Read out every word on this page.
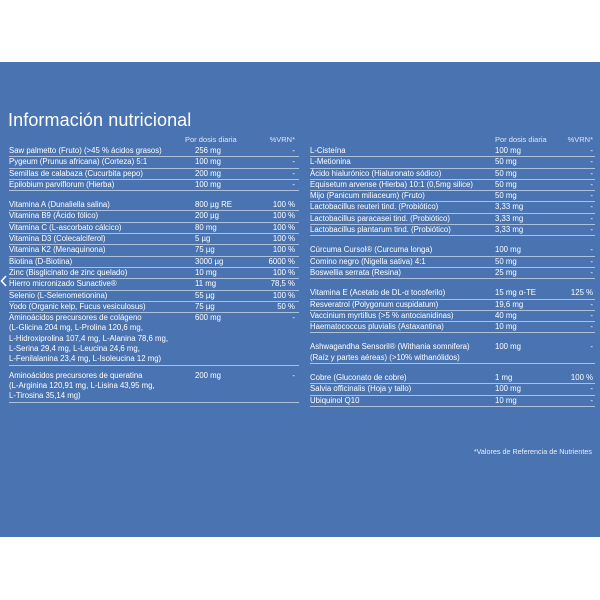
Información nutricional
Por dosis diaria	%VRN*
Saw palmetto (Fruto) (>45 % ácidos grasos)	256 mg	-
Pygeum (Prunus africana) (Corteza) 5:1	100 mg	-
Semillas de calabaza (Cucurbita pepo)	200 mg	-
Epilobium parviflorum (Hierba)	100 mg	-
Vitamina A (Dunaliella salina)	800 µg RE	100 %
Vitamina B9 (Ácido fólico)	200 µg	100 %
Vitamina C (L-ascorbato cálcico)	80 mg	100 %
Vitamina D3 (Colecalciferol)	5 µg	100 %
Vitamina K2 (Menaquinona)	75 µg	100 %
Biotina (D-Biotina)	3000 µg	6000 %
Zinc (Bisglicinato de zinc quelado)	10 mg	100 %
Hierro micronizado Sunactive®	11 mg	78,5 %
Selenio (L-Selenometionina)	55 µg	100 %
Yodo (Organic kelp, Fucus vesiculosus)	75 µg	50 %
Aminoácidos precursores de colágeno
(L-Glicina 204 mg, L-Prolina 120,6 mg,
L-Hidroxiprolina 107,4 mg, L-Alanina 78,6 mg,
L-Serina 29,4 mg, L-Leucina 24,6 mg,
L-Fenilalanina 23,4 mg, L-Isoleucina 12 mg)
600 mg	-
Aminoácidos precursores de queratina
(L-Arginina 120,91 mg, L-Lisina 43,95 mg,
L-Tirosina 35,14 mg)
200 mg	-
Por dosis diaria	%VRN*
L-Cisteína	100 mg	-
L-Metionina	50 mg	-
Ácido hialurónico (Hialuronato sódico)	50 mg	-
Equisetum arvense (Hierba) 10:1 (0,5mg silice)	50 mg	-
Mijo (Panicum miliaceum) (Fruto)	50 mg	-
Lactobacillus reuteri tind. (Probiótico)	3,33 mg	-
Lactobacillus paracasei tind. (Probiótico)	3,33 mg	-
Lactobacillus plantarum tind. (Probiótico)	3,33 mg	-
Cúrcuma Cursol® (Curcuma longa)	100 mg	-
Comino negro (Nigella sativa) 4:1	50 mg	-
Boswellia serrata (Resina)	25 mg	-
Vitamina E (Acetato de DL-α tocoferilo)	15 mg α-TE	125 %
Resveratrol (Polygonum cuspidatum)	19,6 mg	-
Vaccinium myrtillus (>5 % antocianidinas)	40 mg	-
Haematococcus pluvialis (Astaxantina)	10 mg	-
Ashwagandha Sensoril® (Withania somnifera)
(Raíz y partes aéreas) (>10% withanólidos)
100 mg	-
Cobre (Gluconato de cobre)	1 mg	100 %
Salvia officinalis (Hoja y tallo)	100 mg	-
Ubiquinol Q10	10 mg	-
*Valores de Referencia de Nutrientes
